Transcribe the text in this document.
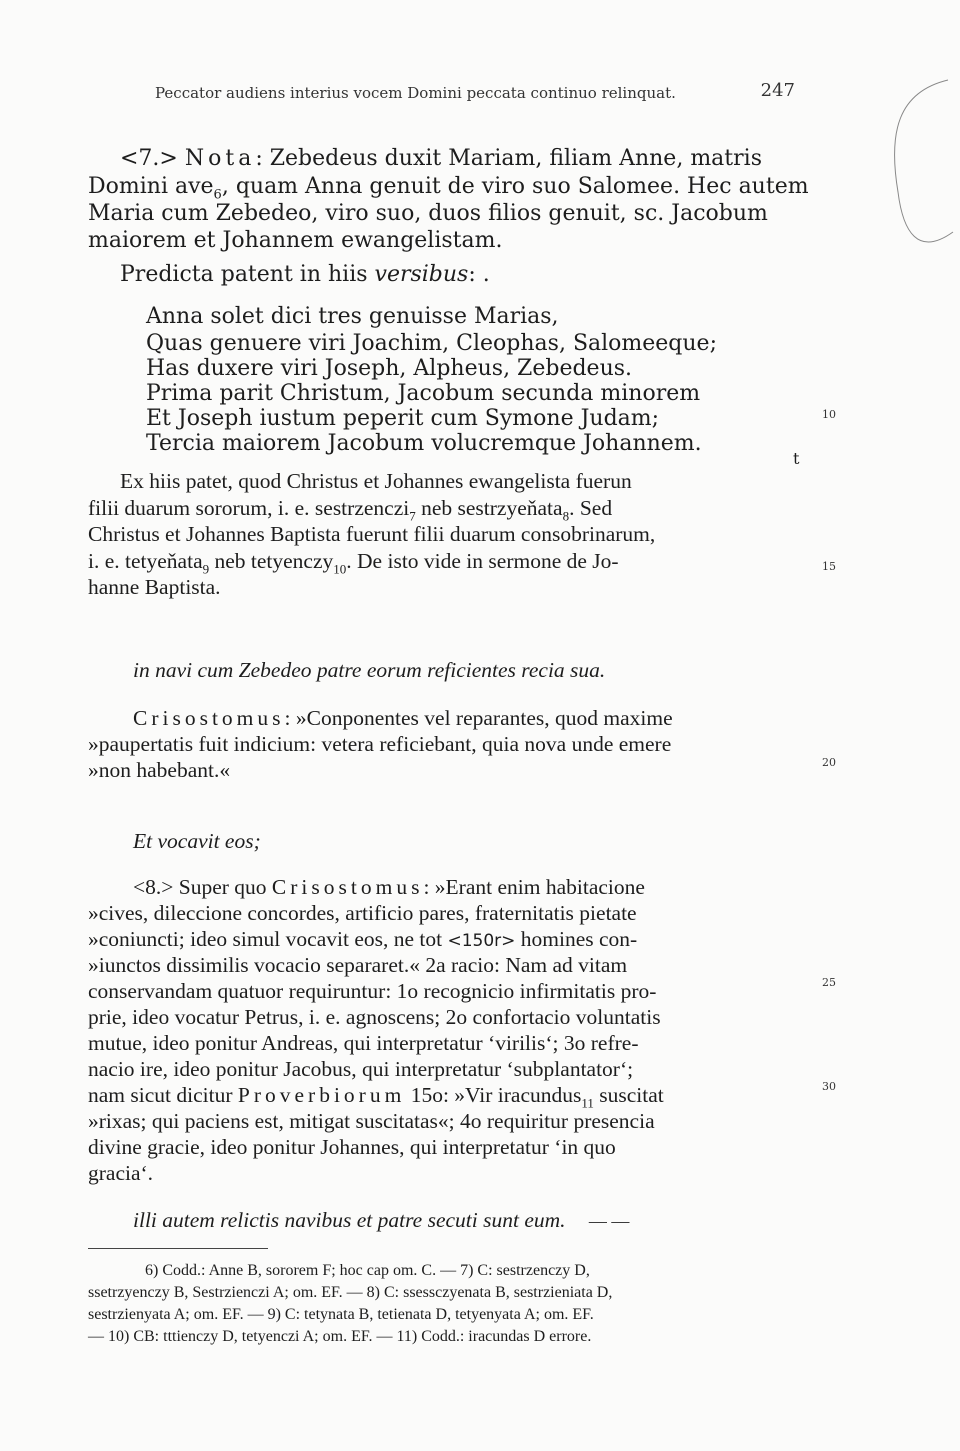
Peccator audiens interius vocem Domini peccata continuo relinquat.	247
<7.> Nota: Zebedeus duxit Mariam, filiam Anne, matris
Domini ave$_6$, quam Anna genuit de viro suo Salomee. Hec autem
Maria cum Zebedeo, viro suo, duos filios genuit, sc. Jacobum
maiorem et Johannem ewangelistam.
Predicta patent in hiis versibus: .
Anna solet dici tres genuisse Marias,
Quas genuere viri Joachim, Cleophas, Salomeeque;
Has duxere viri Joseph, Alpheus, Zebedeus.
Prima parit Christum, Jacobum secunda minorem
Et Joseph iustum peperit cum Symone Judam;
Tercia maiorem Jacobum volucremque Johannem.
10
t
Ex hiis patet, quod Christus et Johannes ewangelista fuerun
filii duarum sororum, i. e. sestrzenczi$_7$ neb sestrzyeňata$_8$. Sed
Christus et Johannes Baptista fuerunt filii duarum consobrinarum,
i. e. tetyeňata$_9$ neb tetyenczy$_{10}$. De isto vide in sermone de Jo-
hanne Baptista.
15
in navi cum Zebedeo patre eorum reficientes recia sua.
Crisostomus: »Conponentes vel reparantes, quod maxime
»paupertatis fuit indicium: vetera reficiebant, quia nova unde emere
»non habebant.«	20
Et vocavit eos;
<8.> Super quo Crisostomus: »Erant enim habitacione
»cives, dileccione concordes, artificio pares, fraternitatis pietate
»coniuncti; ideo simul vocavit eos, ne tot <150r> homines con-
»iunctos dissimilis vocacio separaret.« 2a racio: Nam ad vitam
conservandam quatuor requiruntur: 1o recognicio infirmitatis pro-
prie, ideo vocatur Petrus, i. e. agnoscens; 2o confortacio voluntatis
mutue, ideo ponitur Andreas, qui interpretatur ‘virilis‘; 3o refre-
nacio ire, ideo ponitur Jacobus, qui interpretatur ‘subplantator‘;
nam sicut dicitur Proverbiorum 15o: »Vir iracundus$_{11}$ suscitat
»rixas; qui paciens est, mitigat suscitatas«; 4o requiritur presencia
divine gracie, ideo ponitur Johannes, qui interpretatur ‘in quo
gracia‘.
25
30
illi autem relictis navibus et patre secuti sunt eum. — —
6) Codd.: Anne B, sororem F; hoc cap om. C. — 7) C: sestrzenczy D,
ssetrzyenczy B, Sestrzienczi A; om. EF. — 8) C: ssessczyenata B, sestrzieniata D,
sestrzienyata A; om. EF. — 9) C: tetynata B, tetienata D, tetyenyata A; om. EF.
— 10) CB: tttienczy D, tetyenczi A; om. EF. — 11) Codd.: iracundas D errore.
